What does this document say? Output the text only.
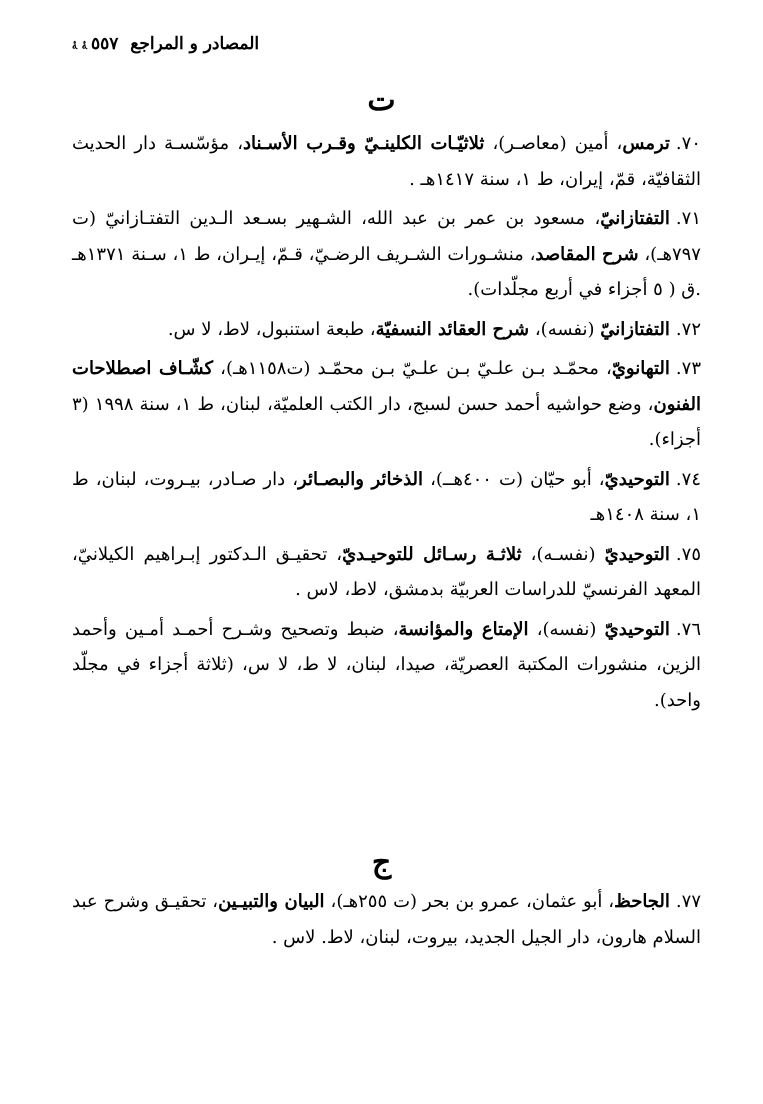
٥٥٧ﮥ ﮥ	المصادر و المراجع
ت

٧٠.ترمس، أمين (معاصـر)، ثلاثيّـات الكلينـيّ وقـرب الأسـناد، مؤسّسـة دار الحديث الثقافيّة، قمّ، إيران، ط ١، سنة ١٤١٧هـ .

٧١.التفتازانيّ، مسعود بن عمر بن عبد الله، الشـهير بسـعد الـدين التفتـازانيّ (ت ٧٩٧هـ)، شرح المقاصد، منشـورات الشـريف الرضـيّ، قـمّ، إيـران، ط ١، سـنة ١٣٧١هـ .ق ( ٥ أجزاء في أربع مجلّدات).

٧٢.التفتازانيّ (نفسه)، شرح العقائد النسفيّة، طبعة استنبول، لاط، لا س.

٧٣.التهانويّ، محمّـد بـن علـيّ بـن علـيّ بـن محمّـد (ت١١٥٨هـ)، كشّـاف اصطلاحات الفنون، وضع حواشيه أحمد حسن لسبج، دار الكتب العلميّة، لبنان، ط ١، سنة ١٩٩٨ (٣ أجزاء).

٧٤.التوحيديّ، أبو حيّان (ت ٤٠٠هــ)، الذخائر والبصـائر، دار صـادر، بيـروت، لبنان، ط ١، سنة ١٤٠٨هـ

٧٥.التوحيديّ (نفسـه)، ثلاثـة رسـائل للتوحيـديّ، تحقيـق الـدكتور إبـراهيم الكيلانيّ، المعهد الفرنسيّ للدراسات العربيّة بدمشق، لاط، لاس .

٧٦.التوحيديّ (نفسه)، الإمتاع والمؤانسة، ضبط وتصحيح وشـرح أحمـد أمـين وأحمد الزين، منشورات المكتبة العصريّة، صيدا، لبنان، لا ط، لا س، (ثلاثة أجزاء في مجلّد واحد).

ج

٧٧.الجاحظ، أبو عثمان، عمرو بن بحر (ت ٢٥٥هـ)، البيان والتبيـين، تحقيـق وشرح عبد السلام هارون، دار الجيل الجديد، بيروت، لبنان، لاط. لاس .
